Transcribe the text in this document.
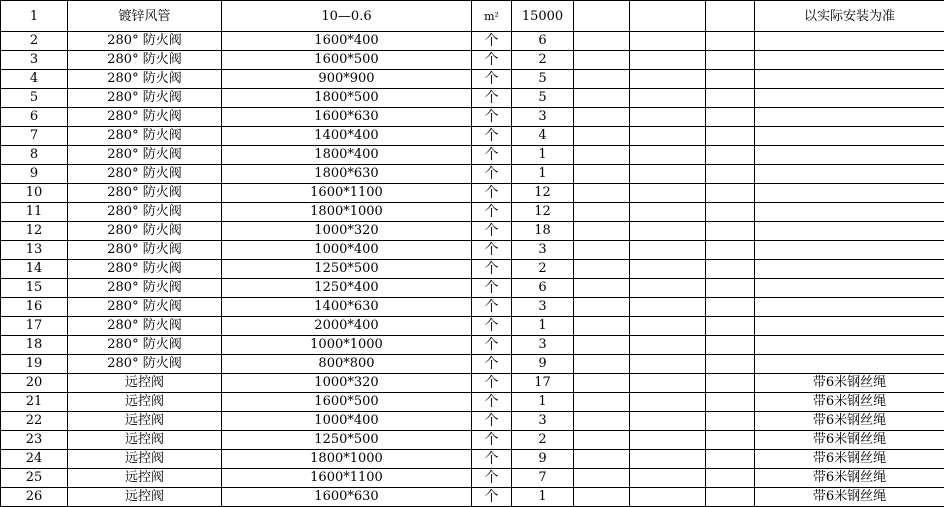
1	镀锌风管	10—0.6	m²	15000				以实际安装为准
2	280° 防火阀	1600*400	个	6				
3	280° 防火阀	1600*500	个	2				
4	280° 防火阀	900*900	个	5				
5	280° 防火阀	1800*500	个	5				
6	280° 防火阀	1600*630	个	3				
7	280° 防火阀	1400*400	个	4				
8	280° 防火阀	1800*400	个	1				
9	280° 防火阀	1800*630	个	1				
10	280° 防火阀	1600*1100	个	12				
11	280° 防火阀	1800*1000	个	12				
12	280° 防火阀	1000*320	个	18				
13	280° 防火阀	1000*400	个	3				
14	280° 防火阀	1250*500	个	2				
15	280° 防火阀	1250*400	个	6				
16	280° 防火阀	1400*630	个	3				
17	280° 防火阀	2000*400	个	1				
18	280° 防火阀	1000*1000	个	3				
19	280° 防火阀	800*800	个	9				
20	远控阀	1000*320	个	17				带6米钢丝绳
21	远控阀	1600*500	个	1				带6米钢丝绳
22	远控阀	1000*400	个	3				带6米钢丝绳
23	远控阀	1250*500	个	2				带6米钢丝绳
24	远控阀	1800*1000	个	9				带6米钢丝绳
25	远控阀	1600*1100	个	7				带6米钢丝绳
26	远控阀	1600*630	个	1				带6米钢丝绳
